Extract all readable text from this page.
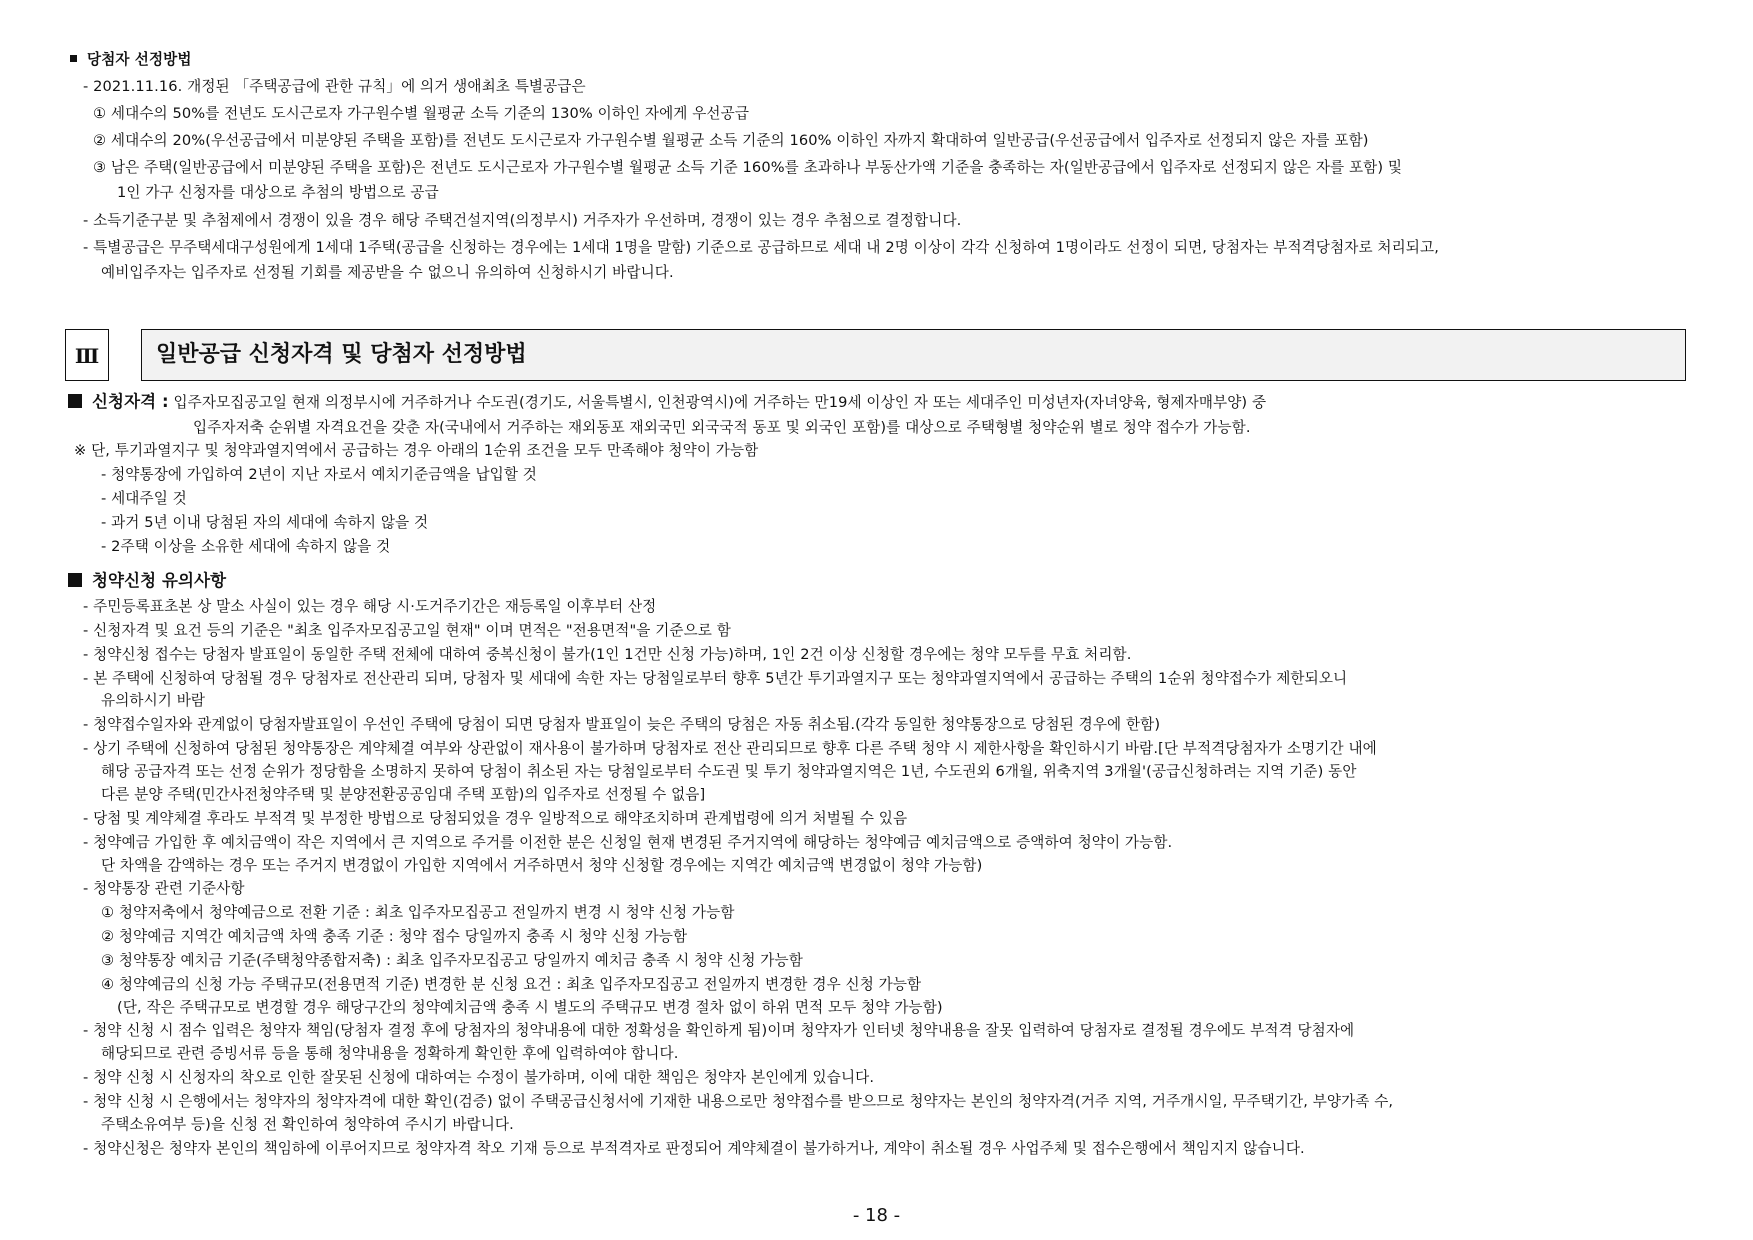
당첨자 선정방법
- 2021.11.16. 개정된 「주택공급에 관한 규칙」에 의거 생애최초 특별공급은
① 세대수의 50%를 전년도 도시근로자 가구원수별 월평균 소득 기준의 130% 이하인 자에게 우선공급
② 세대수의 20%(우선공급에서 미분양된 주택을 포함)를 전년도 도시근로자 가구원수별 월평균 소득 기준의 160% 이하인 자까지 확대하여 일반공급(우선공급에서 입주자로 선정되지 않은 자를 포함)
③ 남은 주택(일반공급에서 미분양된 주택을 포함)은 전년도 도시근로자 가구원수별 월평균 소득 기준 160%를 초과하나 부동산가액 기준을 충족하는 자(일반공급에서 입주자로 선정되지 않은 자를 포함) 및
1인 가구 신청자를 대상으로 추첨의 방법으로 공급
- 소득기준구분 및 추첨제에서 경쟁이 있을 경우 해당 주택건설지역(의정부시) 거주자가 우선하며, 경쟁이 있는 경우 추첨으로 결정합니다.
- 특별공급은 무주택세대구성원에게 1세대 1주택(공급을 신청하는 경우에는 1세대 1명을 말함) 기준으로 공급하므로 세대 내 2명 이상이 각각 신청하여 1명이라도 선정이 되면, 당첨자는 부적격당첨자로 처리되고,
예비입주자는 입주자로 선정될 기회를 제공받을 수 없으니 유의하여 신청하시기 바랍니다.
Ⅲ	일반공급 신청자격 및 당첨자 선정방법
신청자격 : 입주자모집공고일 현재 의정부시에 거주하거나 수도권(경기도, 서울특별시, 인천광역시)에 거주하는 만19세 이상인 자 또는 세대주인 미성년자(자녀양육, 형제자매부양) 중
입주자저축 순위별 자격요건을 갖춘 자(국내에서 거주하는 재외동포 재외국민 외국국적 동포 및 외국인 포함)를 대상으로 주택형별 청약순위 별로 청약 접수가 가능함.
※ 단, 투기과열지구 및 청약과열지역에서 공급하는 경우 아래의 1순위 조건을 모두 만족해야 청약이 가능함
- 청약통장에 가입하여 2년이 지난 자로서 예치기준금액을 납입할 것
- 세대주일 것
- 과거 5년 이내 당첨된 자의 세대에 속하지 않을 것
- 2주택 이상을 소유한 세대에 속하지 않을 것
청약신청 유의사항
- 주민등록표초본 상 말소 사실이 있는 경우 해당 시·도거주기간은 재등록일 이후부터 산정
- 신청자격 및 요건 등의 기준은 "최초 입주자모집공고일 현재" 이며 면적은 "전용면적"을 기준으로 함
- 청약신청 접수는 당첨자 발표일이 동일한 주택 전체에 대하여 중복신청이 불가(1인 1건만 신청 가능)하며, 1인 2건 이상 신청할 경우에는 청약 모두를 무효 처리함.
- 본 주택에 신청하여 당첨될 경우 당첨자로 전산관리 되며, 당첨자 및 세대에 속한 자는 당첨일로부터 향후 5년간 투기과열지구 또는 청약과열지역에서 공급하는 주택의 1순위 청약접수가 제한되오니
유의하시기 바람
- 청약접수일자와 관계없이 당첨자발표일이 우선인 주택에 당첨이 되면 당첨자 발표일이 늦은 주택의 당첨은 자동 취소됨.(각각 동일한 청약통장으로 당첨된 경우에 한함)
- 상기 주택에 신청하여 당첨된 청약통장은 계약체결 여부와 상관없이 재사용이 불가하며 당첨자로 전산 관리되므로 향후 다른 주택 청약 시 제한사항을 확인하시기 바람.[단 부적격당첨자가 소명기간 내에
해당 공급자격 또는 선정 순위가 정당함을 소명하지 못하여 당첨이 취소된 자는 당첨일로부터 수도권 및 투기 청약과열지역은 1년, 수도권외 6개월, 위축지역 3개월'(공급신청하려는 지역 기준) 동안
다른 분양 주택(민간사전청약주택 및 분양전환공공임대 주택 포함)의 입주자로 선정될 수 없음]
- 당첨 및 계약체결 후라도 부적격 및 부정한 방법으로 당첨되었을 경우 일방적으로 해약조치하며 관계법령에 의거 처벌될 수 있음
- 청약예금 가입한 후 예치금액이 작은 지역에서 큰 지역으로 주거를 이전한 분은 신청일 현재 변경된 주거지역에 해당하는 청약예금 예치금액으로 증액하여 청약이 가능함.
단 차액을 감액하는 경우 또는 주거지 변경없이 가입한 지역에서 거주하면서 청약 신청할 경우에는 지역간 예치금액 변경없이 청약 가능함)
- 청약통장 관련 기준사항
① 청약저축에서 청약예금으로 전환 기준 : 최초 입주자모집공고 전일까지 변경 시 청약 신청 가능함
② 청약예금 지역간 예치금액 차액 충족 기준 : 청약 접수 당일까지 충족 시 청약 신청 가능함
③ 청약통장 예치금 기준(주택청약종합저축) : 최초 입주자모집공고 당일까지 예치금 충족 시 청약 신청 가능함
④ 청약예금의 신청 가능 주택규모(전용면적 기준) 변경한 분 신청 요건 : 최초 입주자모집공고 전일까지 변경한 경우 신청 가능함
(단, 작은 주택규모로 변경할 경우 해당구간의 청약예치금액 충족 시 별도의 주택규모 변경 절차 없이 하위 면적 모두 청약 가능함)
- 청약 신청 시 점수 입력은 청약자 책임(당첨자 결정 후에 당첨자의 청약내용에 대한 정확성을 확인하게 됨)이며 청약자가 인터넷 청약내용을 잘못 입력하여 당첨자로 결정될 경우에도 부적격 당첨자에
해당되므로 관련 증빙서류 등을 통해 청약내용을 정확하게 확인한 후에 입력하여야 합니다.
- 청약 신청 시 신청자의 착오로 인한 잘못된 신청에 대하여는 수정이 불가하며, 이에 대한 책임은 청약자 본인에게 있습니다.
- 청약 신청 시 은행에서는 청약자의 청약자격에 대한 확인(검증) 없이 주택공급신청서에 기재한 내용으로만 청약접수를 받으므로 청약자는 본인의 청약자격(거주 지역, 거주개시일, 무주택기간, 부양가족 수,
주택소유여부 등)을 신청 전 확인하여 청약하여 주시기 바랍니다.
- 청약신청은 청약자 본인의 책임하에 이루어지므로 청약자격 착오 기재 등으로 부적격자로 판정되어 계약체결이 불가하거나, 계약이 취소될 경우 사업주체 및 접수은행에서 책임지지 않습니다.
- 18 -
